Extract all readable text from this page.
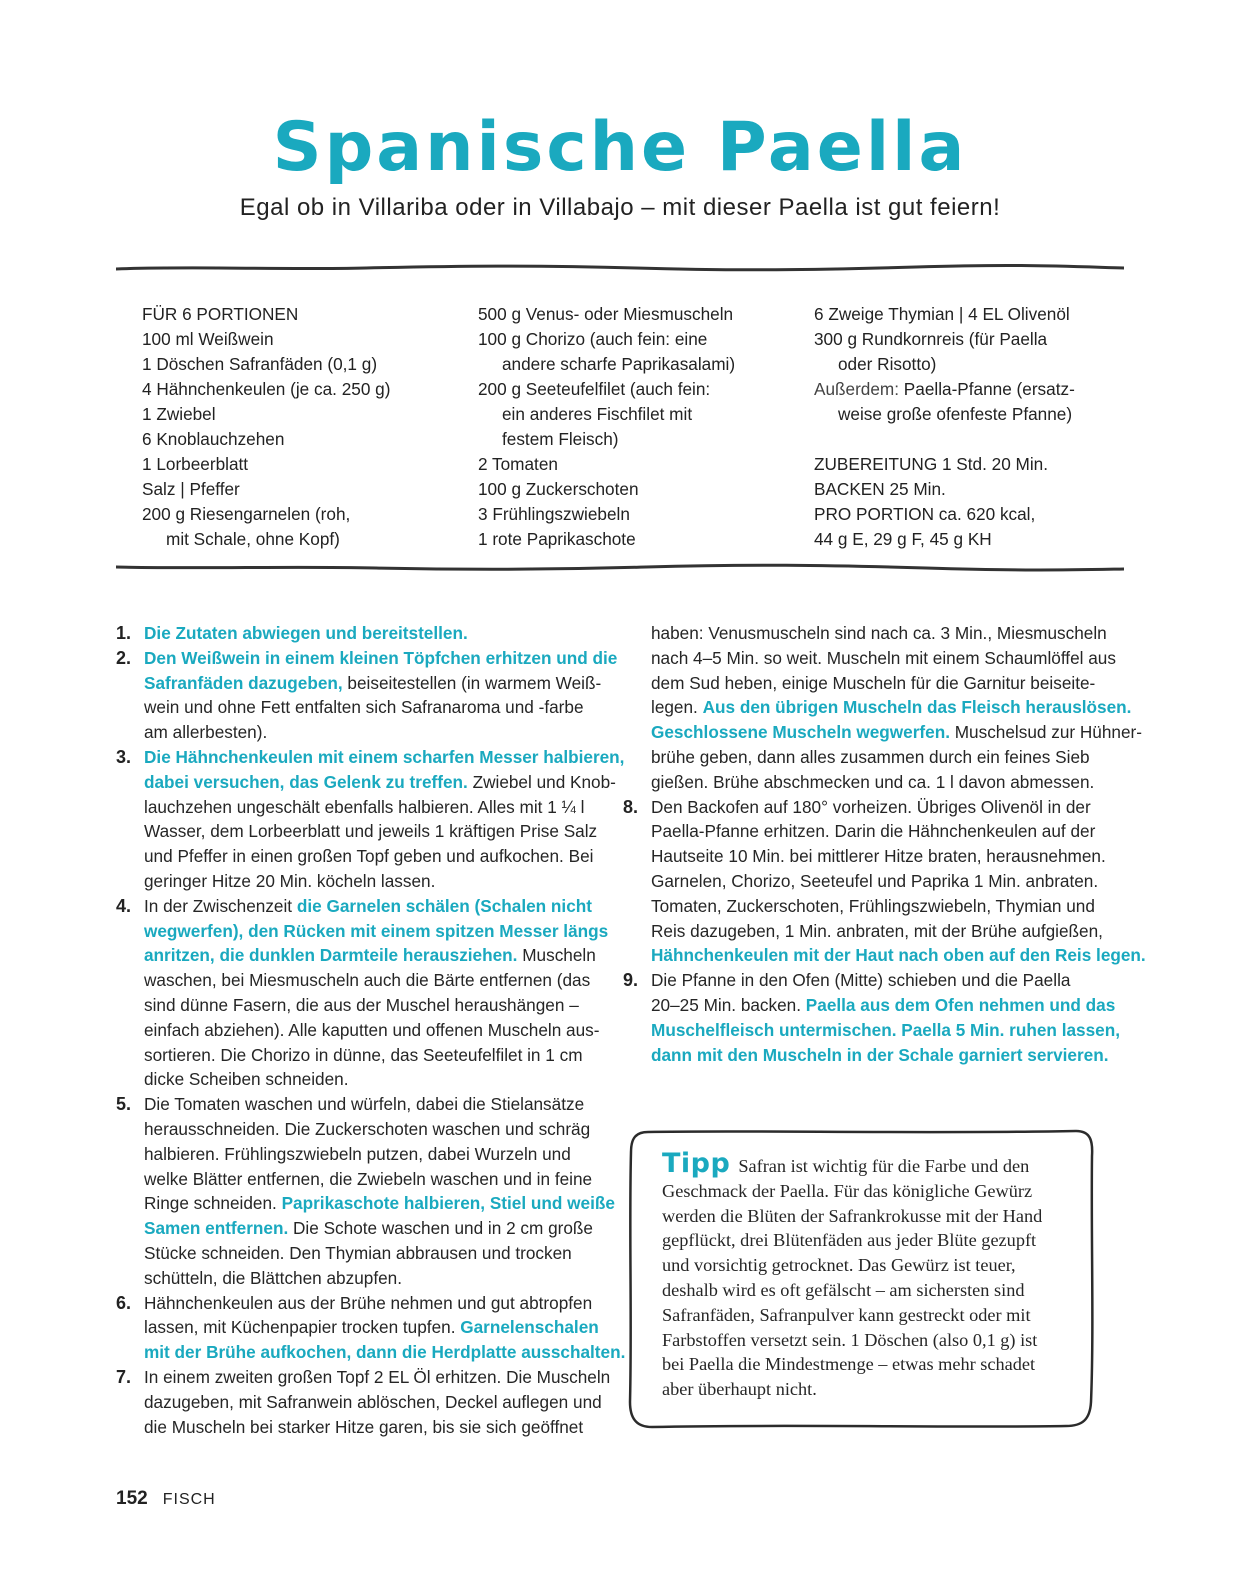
Spanische Paella

Egal ob in Villariba oder in Villabajo – mit dieser Paella ist gut feiern!

FÜR 6 PORTIONEN
100 ml Weißwein
1 Döschen Safranfäden (0,1 g)
4 Hähnchenkeulen (je ca. 250 g)
1 Zwiebel
6 Knoblauchzehen
1 Lorbeerblatt
Salz | Pfeffer
200 g Riesengarnelen (roh,
mit Schale, ohne Kopf)
500 g Venus- oder Miesmuscheln
100 g Chorizo (auch fein: eine
andere scharfe Paprikasalami)
200 g Seeteufelfilet (auch fein:
ein anderes Fischfilet mit
festem Fleisch)
2 Tomaten
100 g Zuckerschoten
3 Frühlingszwiebeln
1 rote Paprikaschote
6 Zweige Thymian | 4 EL Olivenöl
300 g Rundkornreis (für Paella
oder Risotto)
Außerdem: Paella-Pfanne (ersatz-
weise große ofenfeste Pfanne)
ZUBEREITUNG 1 Std. 20 Min.
BACKEN 25 Min.
PRO PORTION ca. 620 kcal,
44 g E, 29 g F, 45 g KH
1. Die Zutaten abwiegen und bereitstellen.
2. Den Weißwein in einem kleinen Töpfchen erhitzen und die
Safranfäden dazugeben, beiseitestellen (in warmem Weiß-
wein und ohne Fett entfalten sich Safranaroma und -farbe
am allerbesten).
3. Die Hähnchenkeulen mit einem scharfen Messer halbieren,
dabei versuchen, das Gelenk zu treffen. Zwiebel und Knob-
lauchzehen ungeschält ebenfalls halbieren. Alles mit 1 ¼ l
Wasser, dem Lorbeerblatt und jeweils 1 kräftigen Prise Salz
und Pfeffer in einen großen Topf geben und aufkochen. Bei
geringer Hitze 20 Min. köcheln lassen.
4. In der Zwischenzeit die Garnelen schälen (Schalen nicht
wegwerfen), den Rücken mit einem spitzen Messer längs
anritzen, die dunklen Darmteile herausziehen. Muscheln
waschen, bei Miesmuscheln auch die Bärte entfernen (das
sind dünne Fasern, die aus der Muschel heraushängen –
einfach abziehen). Alle kaputten und offenen Muscheln aus-
sortieren. Die Chorizo in dünne, das Seeteufelfilet in 1 cm
dicke Scheiben schneiden.
5. Die Tomaten waschen und würfeln, dabei die Stielansätze
herausschneiden. Die Zuckerschoten waschen und schräg
halbieren. Frühlingszwiebeln putzen, dabei Wurzeln und
welke Blätter entfernen, die Zwiebeln waschen und in feine
Ringe schneiden. Paprikaschote halbieren, Stiel und weiße
Samen entfernen. Die Schote waschen und in 2 cm große
Stücke schneiden. Den Thymian abbrausen und trocken
schütteln, die Blättchen abzupfen.
6. Hähnchenkeulen aus der Brühe nehmen und gut abtropfen
lassen, mit Küchenpapier trocken tupfen. Garnelenschalen
mit der Brühe aufkochen, dann die Herdplatte ausschalten.
7. In einem zweiten großen Topf 2 EL Öl erhitzen. Die Muscheln
dazugeben, mit Safranwein ablöschen, Deckel auflegen und
die Muscheln bei starker Hitze garen, bis sie sich geöffnet
haben: Venusmuscheln sind nach ca. 3 Min., Miesmuscheln
nach 4–5 Min. so weit. Muscheln mit einem Schaumlöffel aus
dem Sud heben, einige Muscheln für die Garnitur beiseite-
legen. Aus den übrigen Muscheln das Fleisch herauslösen.
Geschlossene Muscheln wegwerfen. Muschelsud zur Hühner-
brühe geben, dann alles zusammen durch ein feines Sieb
gießen. Brühe abschmecken und ca. 1 l davon abmessen.
8. Den Backofen auf 180° vorheizen. Übriges Olivenöl in der
Paella-Pfanne erhitzen. Darin die Hähnchenkeulen auf der
Hautseite 10 Min. bei mittlerer Hitze braten, herausnehmen.
Garnelen, Chorizo, Seeteufel und Paprika 1 Min. anbraten.
Tomaten, Zuckerschoten, Frühlingszwiebeln, Thymian und
Reis dazugeben, 1 Min. anbraten, mit der Brühe aufgießen,
Hähnchenkeulen mit der Haut nach oben auf den Reis legen.
9. Die Pfanne in den Ofen (Mitte) schieben und die Paella
20–25 Min. backen. Paella aus dem Ofen nehmen und das
Muschelfleisch untermischen. Paella 5 Min. ruhen lassen,
dann mit den Muscheln in der Schale garniert servieren.
Tipp Safran ist wichtig für die Farbe und den
Geschmack der Paella. Für das königliche Gewürz
werden die Blüten der Safrankrokusse mit der Hand
gepflückt, drei Blütenfäden aus jeder Blüte gezupft
und vorsichtig getrocknet. Das Gewürz ist teuer,
deshalb wird es oft gefälscht – am sichersten sind
Safranfäden, Safranpulver kann gestreckt oder mit
Farbstoffen versetzt sein. 1 Döschen (also 0,1 g) ist
bei Paella die Mindestmenge – etwas mehr schadet
aber überhaupt nicht.
152 FISCH
